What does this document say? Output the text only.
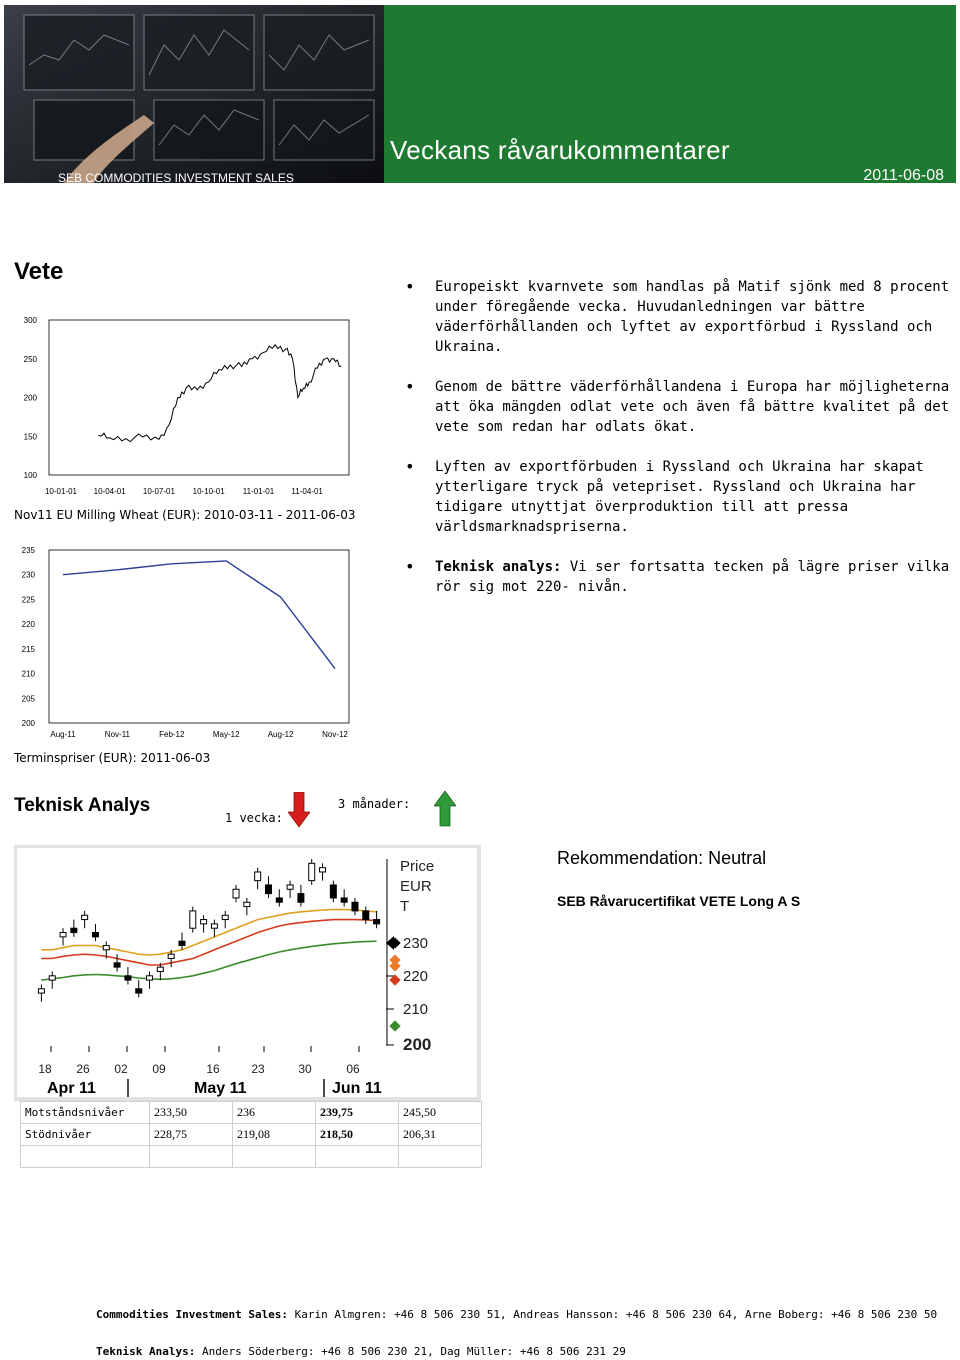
Veckans råvarukommentarer
SEB COMMODITIES INVESTMENT SALES	2011-06-08
Vete
300
250
200
150
100
10-01-01 10-04-01 10-07-01 10-10-01 11-01-01 11-04-01
Nov11 EU Milling Wheat (EUR): 2010-03-11 - 2011-06-03
235
230
225
220
215
210
205
200
Aug-11	Nov-11	Feb-12	May-12	Aug-12	Nov-12
Terminspriser (EUR): 2011-06-03
• Europeiskt kvarnvete som handlas på Matif sjönk med 8 procent under föregående vecka. Huvudanledningen var bättre väderförhållanden och lyftet av exportförbud i Ryssland och Ukraina.
• Genom de bättre väderförhållandena i Europa har möjligheterna att öka mängden odlat vete och även få bättre kvalitet på det vete som redan har odlats ökat.
• Lyften av exportförbuden i Ryssland och Ukraina har skapat ytterligare tryck på vetepriset. Ryssland och Ukraina har tidigare utnyttjat överproduktion till att pressa världsmarknadspriserna.
• Teknisk analys: Vi ser fortsatta tecken på lägre priser vilka rör sig mot 220- nivån.
Teknisk Analys
1 vecka:
3 månader:
Price
EUR
T
230
220
210
200
18 26 02 09	16	23	30	06
Apr 11	May 11	Jun 11
Rekommendation: Neutral
SEB Råvarucertifikat VETE Long A S
Motståndsnivåer	233,50	236	239,75	245,50
Stödnivåer	228,75	219,08	218,50	206,31

Commodities Investment Sales: Karin Almgren: +46 8 506 230 51, Andreas Hansson: +46 8 506 230 64, Arne Boberg: +46 8 506 230 50
Teknisk Analys: Anders Söderberg: +46 8 506 230 21, Dag Müller: +46 8 506 231 29
